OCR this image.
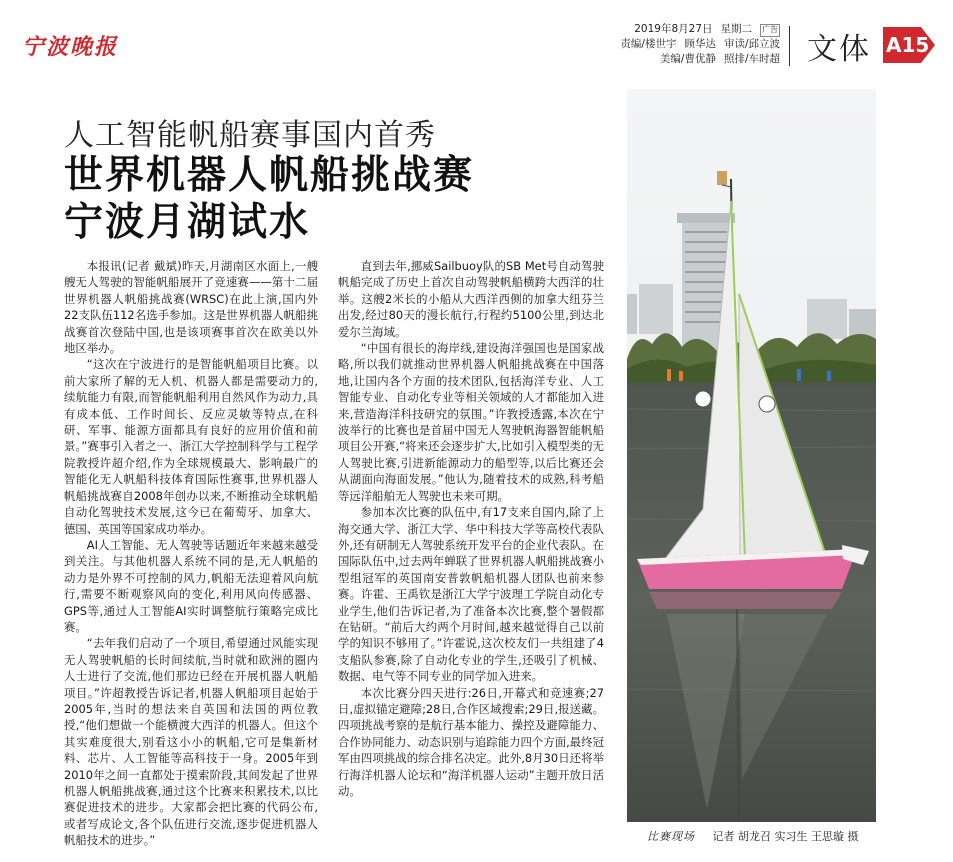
宁波晚报
2019年8月27日 星期二 广告
责编/楼世宇 顾华达 审读/邱立波
美编/曹优静 照排/车时超 文体 A15
人工智能帆船赛事国内首秀
世界机器人帆船挑战赛
宁波月湖试水

本报讯(记者 戴斌)昨天,月湖南区水面上,一艘艘无人驾驶的智能帆船展开了竞速赛——第十二届世界机器人帆船挑战赛(WRSC)在此上演,国内外22支队伍112名选手参加。这是世界机器人帆船挑战赛首次登陆中国,也是该项赛事首次在欧美以外地区举办。

“这次在宁波进行的是智能帆船项目比赛。以前大家所了解的无人机、机器人都是需要动力的,续航能力有限,而智能帆船利用自然风作为动力,具有成本低、工作时间长、反应灵敏等特点,在科研、军事、能源方面都具有良好的应用价值和前景。”赛事引入者之一、浙江大学控制科学与工程学院教授许超介绍,作为全球规模最大、影响最广的智能化无人帆船科技体育国际性赛事,世界机器人帆船挑战赛自2008年创办以来,不断推动全球帆船自动化驾驶技术发展,这今已在葡萄牙、加拿大、德国、英国等国家成功举办。

AI人工智能、无人驾驶等话题近年来越来越受到关注。与其他机器人系统不同的是,无人帆船的动力是外界不可控制的风力,帆船无法迎着风向航行,需要不断观察风向的变化,利用风向传感器、GPS等,通过人工智能AI实时调整航行策略完成比赛。

“去年我们启动了一个项目,希望通过风能实现无人驾驶帆船的长时间续航,当时就和欧洲的圈内人士进行了交流,他们那边已经在开展机器人帆船项目。”许超教授告诉记者,机器人帆船项目起始于2005年,当时的想法来自英国和法国的两位教授,“他们想做一个能横渡大西洋的机器人。但这个其实难度很大,别看这小小的帆船,它可是集新材料、芯片、人工智能等高科技于一身。2005年到2010年之间一直都处于摸索阶段,其间发起了世界机器人帆船挑战赛,通过这个比赛来积累技术,以比赛促进技术的进步。大家都会把比赛的代码公布,或者写成论文,各个队伍进行交流,逐步促进机器人帆船技术的进步。”

直到去年,挪威Sailbuoy队的SB Met号自动驾驶帆船完成了历史上首次自动驾驶帆船横跨大西洋的壮举。这艘2米长的小船从大西洋西侧的加拿大纽芬兰出发,经过80天的漫长航行,行程约5100公里,到达北爱尔兰海域。

“中国有很长的海岸线,建设海洋强国也是国家战略,所以我们就推动世界机器人帆船挑战赛在中国落地,让国内各个方面的技术团队,包括海洋专业、人工智能专业、自动化专业等相关领域的人才都能加入进来,营造海洋科技研究的氛围。”许教授透露,本次在宁波举行的比赛也是首届中国无人驾驶帆海器智能帆船项目公开赛,“将来还会逐步扩大,比如引入模型类的无人驾驶比赛,引进新能源动力的船型等,以后比赛还会从湖面向海面发展。”他认为,随着技术的成熟,科考船等远洋船舶无人驾驶也未来可期。

参加本次比赛的队伍中,有17支来自国内,除了上海交通大学、浙江大学、华中科技大学等高校代表队外,还有研制无人驾驶系统开发平台的企业代表队。在国际队伍中,过去两年蝉联了世界机器人帆船挑战赛小型组冠军的英国南安普敦帆船机器人团队也前来参赛。许霍、王禹钦是浙江大学宁波理工学院自动化专业学生,他们告诉记者,为了准备本次比赛,整个暑假都在钻研。“前后大约两个月时间,越来越觉得自己以前学的知识不够用了。”许霍说,这次校友们一共组建了4支船队参赛,除了自动化专业的学生,还吸引了机械、数据、电气等不同专业的同学加入进来。

本次比赛分四天进行:26日,开幕式和竞速赛;27日,虚拟锚定避障;28日,合作区域搜索;29日,报送藏。四项挑战考察的是航行基本能力、操控及避障能力、合作协同能力、动态识别与追踪能力四个方面,最终冠军由四项挑战的综合排名决定。此外,8月30日还将举行海洋机器人论坛和“海洋机器人运动”主题开放日活动。

比赛现场 记者 胡龙召 实习生 王思璇 摄
